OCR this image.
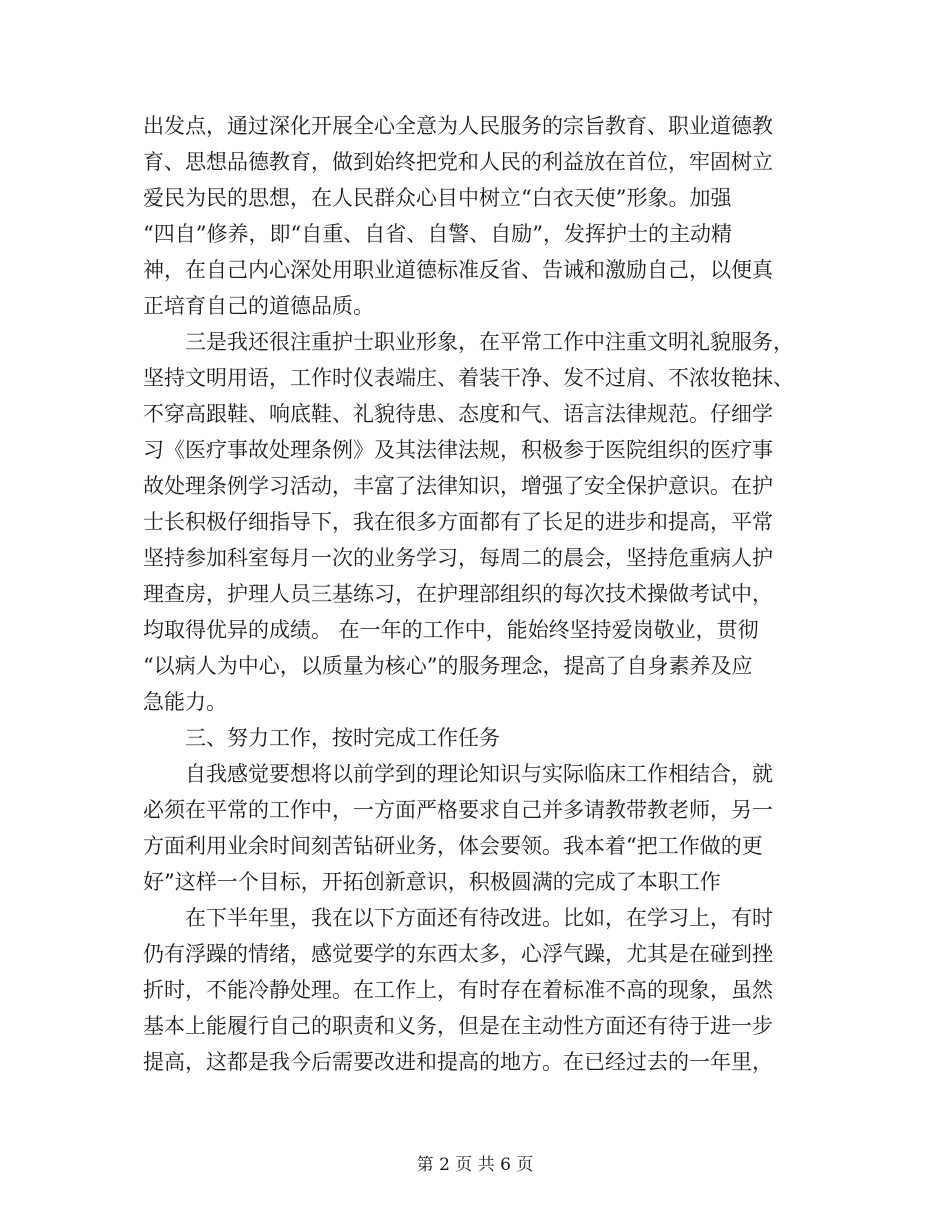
出发点，通过深化开展全心全意为人民服务的宗旨教育、职业道德教

育、思想品德教育，做到始终把党和人民的利益放在首位，牢固树立

爱民为民的思想，在人民群众心目中树立“白衣天使”形象。加强

“四自”修养，即“自重、自省、自警、自励”，发挥护士的主动精

神，在自己内心深处用职业道德标准反省、告诫和激励自己，以便真

正培育自己的道德品质。

　　三是我还很注重护士职业形象，在平常工作中注重文明礼貌服务，

坚持文明用语，工作时仪表端庄、着装干净、发不过肩、不浓妆艳抹、

不穿高跟鞋、响底鞋、礼貌待患、态度和气、语言法律规范。仔细学

习《医疗事故处理条例》及其法律法规，积极参于医院组织的医疗事

故处理条例学习活动，丰富了法律知识，增强了安全保护意识。在护

士长积极仔细指导下，我在很多方面都有了长足的进步和提高，平常

坚持参加科室每月一次的业务学习，每周二的晨会，坚持危重病人护

理查房，护理人员三基练习，在护理部组织的每次技术操做考试中，

均取得优异的成绩。 在一年的工作中，能始终坚持爱岗敬业，贯彻

“以病人为中心，以质量为核心”的服务理念，提高了自身素养及应

急能力。

　　三、努力工作，按时完成工作任务

　　自我感觉要想将以前学到的理论知识与实际临床工作相结合，就

必须在平常的工作中，一方面严格要求自己并多请教带教老师，另一

方面利用业余时间刻苦钻研业务，体会要领。我本着“把工作做的更

好”这样一个目标，开拓创新意识，积极圆满的完成了本职工作

　　在下半年里，我在以下方面还有待改进。比如，在学习上，有时

仍有浮躁的情绪，感觉要学的东西太多，心浮气躁，尤其是在碰到挫

折时，不能冷静处理。在工作上，有时存在着标准不高的现象，虽然

基本上能履行自己的职责和义务，但是在主动性方面还有待于进一步

提高，这都是我今后需要改进和提高的地方。在已经过去的一年里，

第 2 页 共 6 页
